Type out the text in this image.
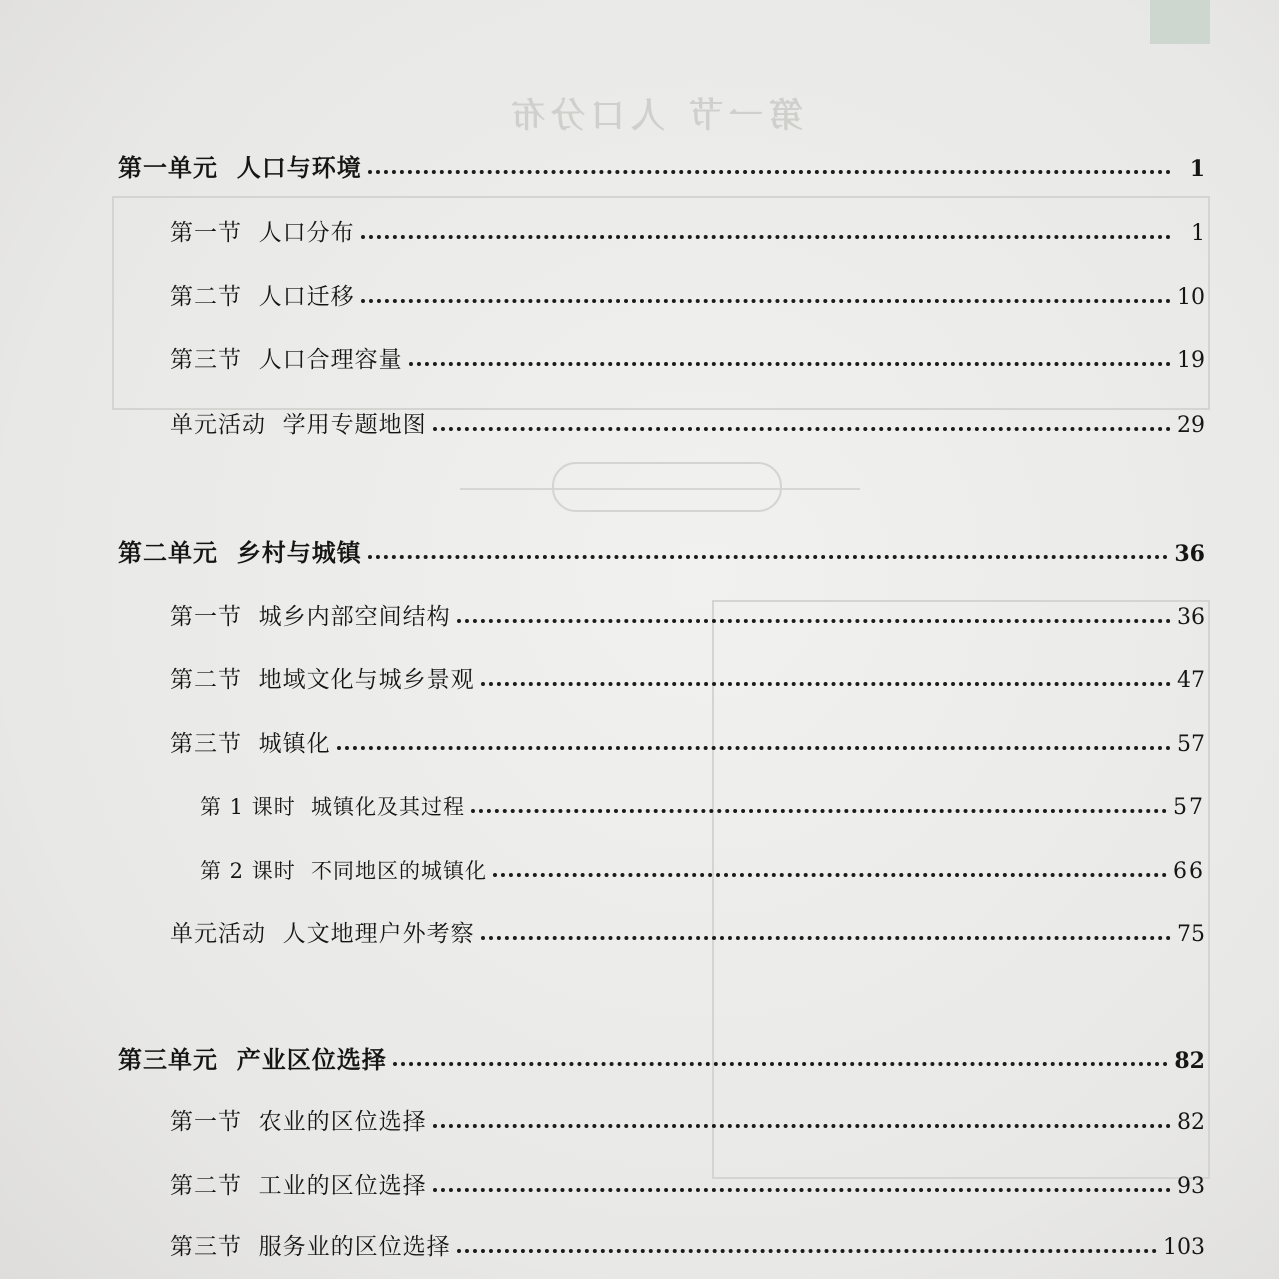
第一节 人口分布
第一单元  人口与环境	1
第一节  人口分布	1
第二节  人口迁移	10
第三节  人口合理容量	19
单元活动  学用专题地图	29
第二单元  乡村与城镇	36
第一节  城乡内部空间结构	36
第二节  地域文化与城乡景观	47
第三节  城镇化	57
第 1 课时  城镇化及其过程	57
第 2 课时  不同地区的城镇化	66
单元活动  人文地理户外考察	75
第三单元  产业区位选择	82
第一节  农业的区位选择	82
第二节  工业的区位选择	93
第三节  服务业的区位选择	103
